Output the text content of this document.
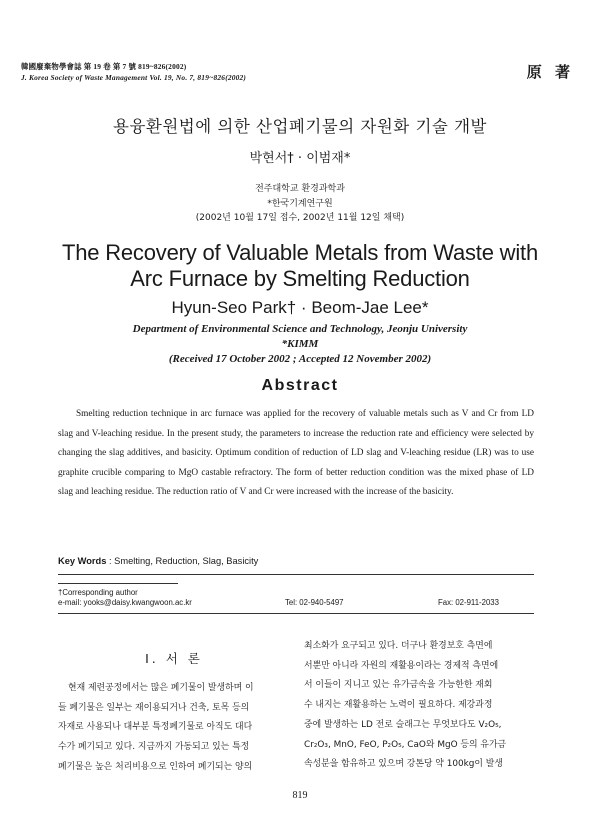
韓國廢棄物學會誌 第 19 卷 第 7 號 819~826(2002)
J. Korea Society of Waste Management Vol. 19, No. 7, 819~826(2002)	原 著
용융환원법에 의한 산업폐기물의 자원화 기술 개발
박현서† · 이범재*
전주대학교 환경과학과
*한국기계연구원
(2002년 10월 17일 접수, 2002년 11월 12일 채택)
The Recovery of Valuable Metals from Waste with
Arc Furnace by Smelting Reduction
Hyun-Seo Park† · Beom-Jae Lee*
Department of Environmental Science and Technology, Jeonju University
*KIMM
(Received 17 October 2002 ; Accepted 12 November 2002)
Abstract
Smelting reduction technique in arc furnace was applied for the recovery of valuable metals such as V and Cr from LD slag and V-leaching residue. In the present study, the parameters to increase the reduction rate and efficiency were selected by changing the slag additives, and basicity. Optimum condition of reduction of LD slag and V-leaching residue (LR) was to use graphite crucible comparing to MgO castable refractory. The form of better reduction condition was the mixed phase of LD slag and leaching residue. The reduction ratio of V and Cr were increased with the increase of the basicity.
Key Words : Smelting, Reduction, Slag, Basicity
†Corresponding author
e-mail: yooks@daisy.kwangwoon.ac.kr	Tel: 02-940-5497	Fax: 02-911-2033
Ⅰ. 서 론
현재 제련공정에서는 많은 폐기물이 발생하며 이
들 폐기물은 일부는 재이용되거나 건축, 토목 등의
자재로 사용되나 대부분 특정폐기물로 아직도 대다
수가 폐기되고 있다. 지금까지 가동되고 있는 특정
폐기물은 높은 처리비용으로 인하여 폐기되는 양의
최소화가 요구되고 있다. 더구나 환경보호 측면에
서뿐만 아니라 자원의 재활용이라는 경제적 측면에
서 이들이 지니고 있는 유가금속을 가능한한 재회
수 내지는 재활용하는 노력이 필요하다. 제강과정
중에 발생하는 LD 전로 슬래그는 무엇보다도 V₂O₅,
Cr₂O₃, MnO, FeO, P₂O₅, CaO와 MgO 등의 유가금
속성분을 함유하고 있으며 강톤당 약 100kg이 발생
819
